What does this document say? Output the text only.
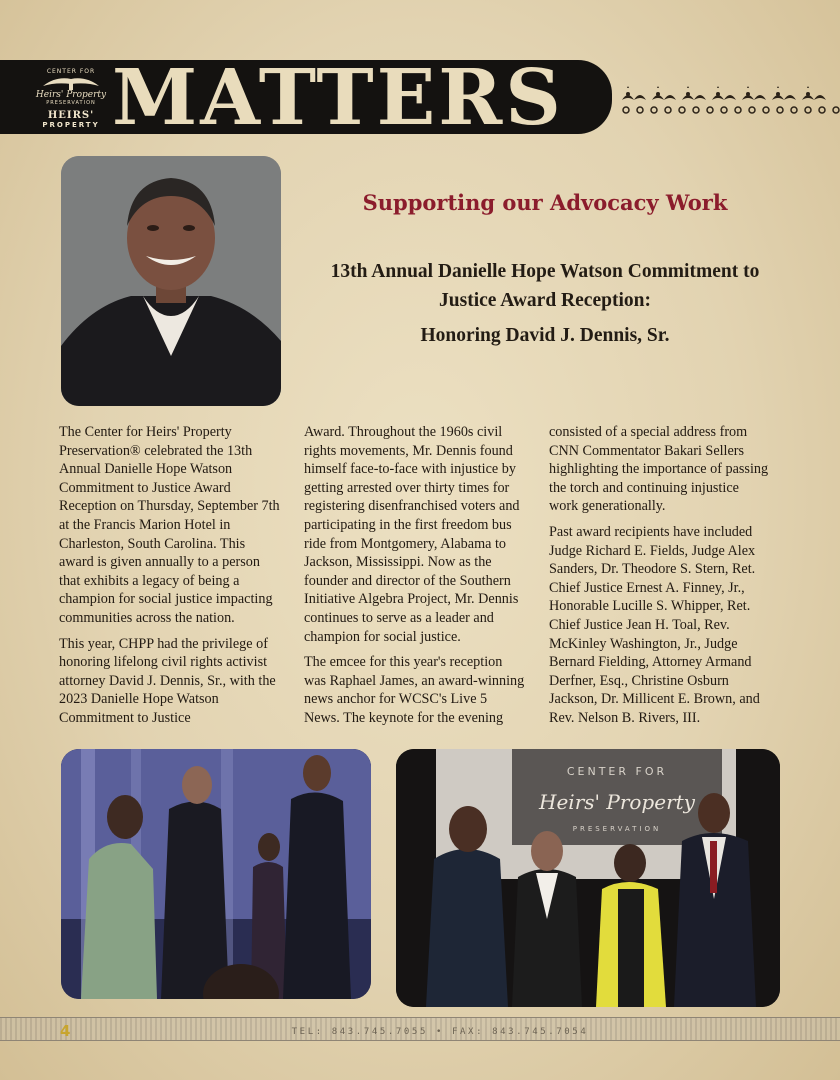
CENTER FOR
Heirs' Property
PRESERVATION
HEIRS'
PROPERTY MATTERS
Supporting our Advocacy Work
13th Annual Danielle Hope Watson Commitment to
Justice Award Reception:
Honoring David J. Dennis, Sr.

The Center for Heirs' Property Preservation® celebrated the 13th Annual Danielle Hope Watson Commitment to Justice Award Reception on Thursday, September 7th at the Francis Marion Hotel in Charleston, South Carolina. This award is given annually to a person that exhibits a legacy of being a champion for social justice impacting communities across the nation.

This year, CHPP had the privilege of honoring lifelong civil rights activist attorney David J. Dennis, Sr., with the 2023 Danielle Hope Watson Commitment to Justice

Award. Throughout the 1960s civil rights movements, Mr. Dennis found himself face-to-face with injustice by getting arrested over thirty times for registering disenfranchised voters and participating in the first freedom bus ride from Montgomery, Alabama to Jackson, Mississippi. Now as the founder and director of the Southern Initiative Algebra Project, Mr. Dennis continues to serve as a leader and champion for social justice.

The emcee for this year's reception was Raphael James, an award-winning news anchor for WCSC's Live 5 News. The keynote for the evening

consisted of a special address from CNN Commentator Bakari Sellers highlighting the importance of passing the torch and continuing injustice work generationally.

Past award recipients have included Judge Richard E. Fields, Judge Alex Sanders, Dr. Theodore S. Stern, Ret. Chief Justice Ernest A. Finney, Jr., Honorable Lucille S. Whipper, Ret. Chief Justice Jean H. Toal, Rev. McKinley Washington, Jr., Judge Bernard Fielding, Attorney Armand Derfner, Esq., Christine Osburn Jackson, Dr. Millicent E. Brown, and Rev. Nelson B. Rivers, III.

CENTER FOR
Heirs' Property
PRESERVATION
4	TEL: 843.745.7055 • FAX: 843.745.7054
